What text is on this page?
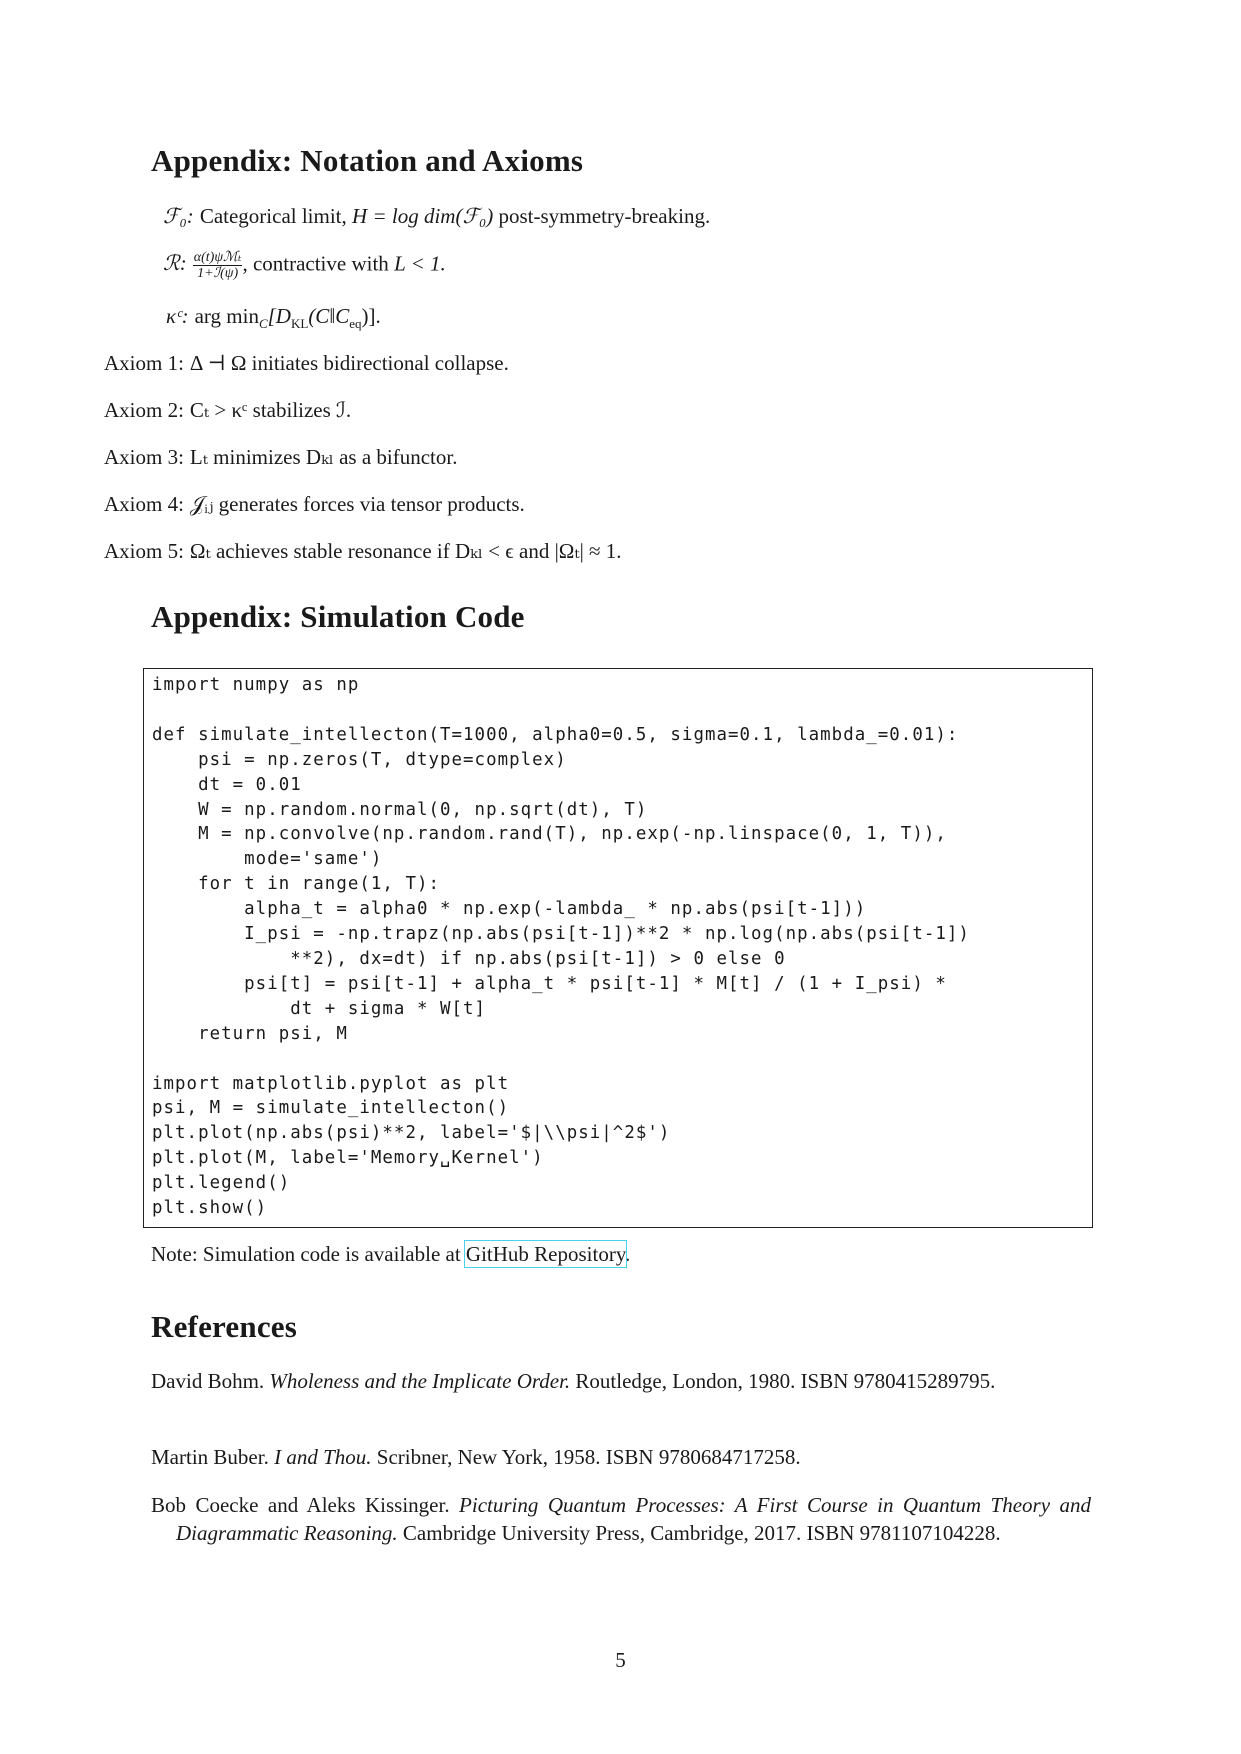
Appendix: Notation and Axioms
ℱ₀: Categorical limit, H = log dim(ℱ₀) post-symmetry-breaking.
ℛ: $\frac{\text{α(t)ψℳₜ}}{\text{1+ℐ(ψ)}}$ , contractive with L < 1.
κᶜ: arg $\min_C[D_{KL}(C‖C_{eq})]$.
Axiom 1: Δ ⊣ Ω initiates bidirectional collapse.
Axiom 2: Cₜ > κᶜ stabilizes ℐ.
Axiom 3: Lₜ minimizes Dₖₗ as a bifunctor.
Axiom 4: 𝒥ᵢⱼ generates forces via tensor products.
Axiom 5: Ωₜ achieves stable resonance if Dₖₗ < ϵ and |Ωₜ| ≈ 1.
Appendix: Simulation Code
import numpy as np

def simulate_intellecton(T=1000, alpha0=0.5, sigma=0.1, lambda_=0.01):
psi = np.zeros(T, dtype=complex)
dt = 0.01
W = np.random.normal(0, np.sqrt(dt), T)
M = np.convolve(np.random.rand(T), np.exp(-np.linspace(0, 1, T)),
mode='same')
for t in range(1, T):
alpha_t = alpha0 * np.exp(-lambda_ * np.abs(psi[t-1]))
I_psi = -np.trapz(np.abs(psi[t-1])**2 * np.log(np.abs(psi[t-1])
**2), dx=dt) if np.abs(psi[t-1]) > 0 else 0
psi[t] = psi[t-1] + alpha_t * psi[t-1] * M[t] / (1 + I_psi) *
dt + sigma * W[t]
return psi, M

import matplotlib.pyplot as plt
psi, M = simulate_intellecton()
plt.plot(np.abs(psi)**2, label='$|\\psi|^2$')
plt.plot(M, label='Memory␣Kernel')
plt.legend()
plt.show()

Note: Simulation code is available at GitHub Repository.

References

David Bohm. Wholeness and the Implicate Order. Routledge, London, 1980. ISBN 9780415289795.

Martin Buber. I and Thou. Scribner, New York, 1958. ISBN 9780684717258.

Bob Coecke and Aleks Kissinger. Picturing Quantum Processes: A First Course in Quantum Theory and Diagrammatic Reasoning. Cambridge University Press, Cambridge, 2017. ISBN 9781107104228.

5
